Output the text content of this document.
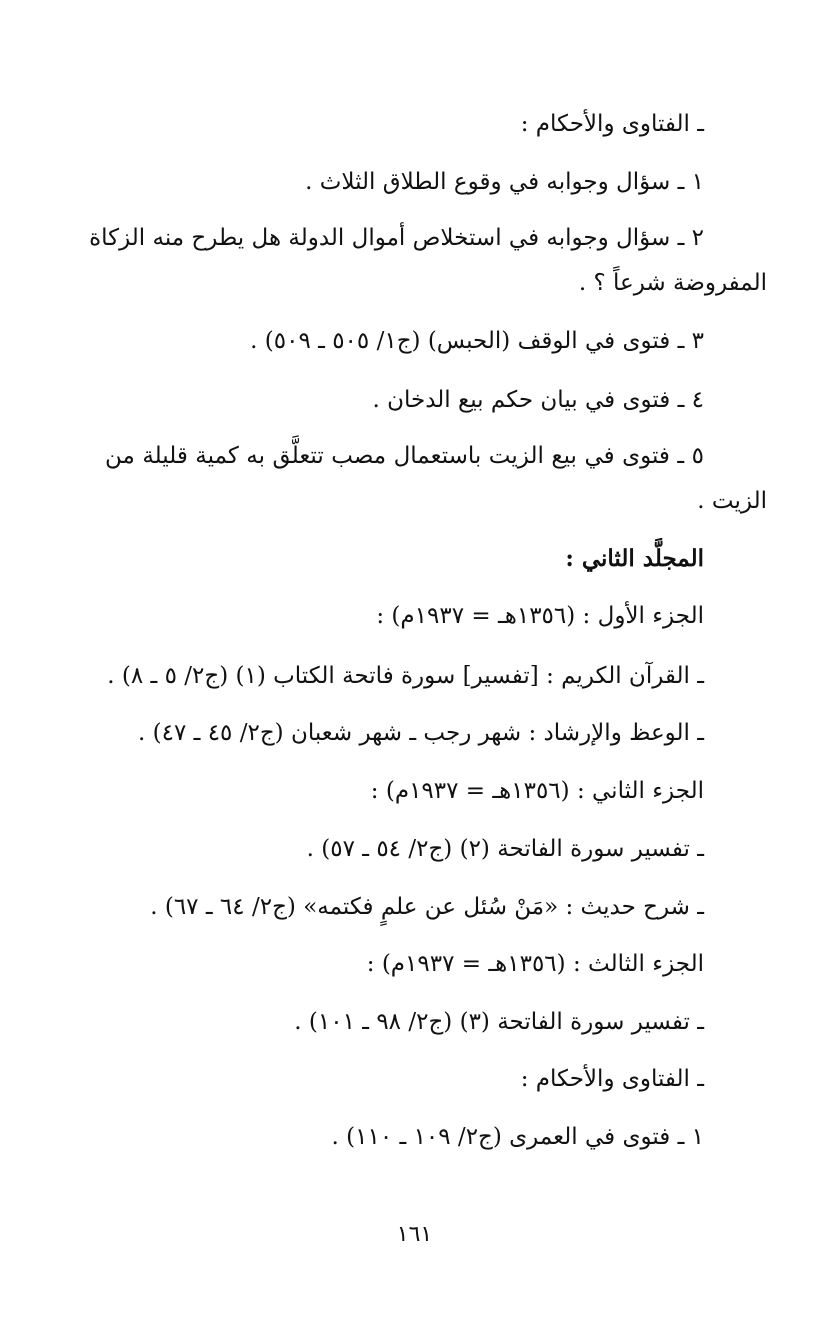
ـ الفتاوى والأحكام :
١ ـ سؤال وجوابه في وقوع الطلاق الثلاث .
٢ ـ سؤال وجوابه في استخلاص أموال الدولة هل يطرح منه الزكاة
المفروضة شرعاً ؟ .
٣ ـ فتوى في الوقف (الحبس) (ج١/ ٥٠٥ ـ ٥٠٩) .
٤ ـ فتوى في بيان حكم بيع الدخان .
٥ ـ فتوى في بيع الزيت باستعمال مصب تتعلَّق به كمية قليلة من
الزيت .
المجلَّد الثاني :
الجزء الأول : (١٣٥٦هـ = ١٩٣٧م) :
ـ القرآن الكريم : [تفسير] سورة فاتحة الكتاب (١) (ج٢/ ٥ ـ ٨) .
ـ الوعظ والإرشاد : شهر رجب ـ شهر شعبان (ج٢/ ٤٥ ـ ٤٧) .
الجزء الثاني : (١٣٥٦هـ = ١٩٣٧م) :
ـ تفسير سورة الفاتحة (٢) (ج٢/ ٥٤ ـ ٥٧) .
ـ شرح حديث : «مَنْ سُئل عن علمٍ فكتمه» (ج٢/ ٦٤ ـ ٦٧) .
الجزء الثالث : (١٣٥٦هـ = ١٩٣٧م) :
ـ تفسير سورة الفاتحة (٣) (ج٢/ ٩٨ ـ ١٠١) .
ـ الفتاوى والأحكام :
١ ـ فتوى في العمرى (ج٢/ ١٠٩ ـ ١١٠) .
١٦١
